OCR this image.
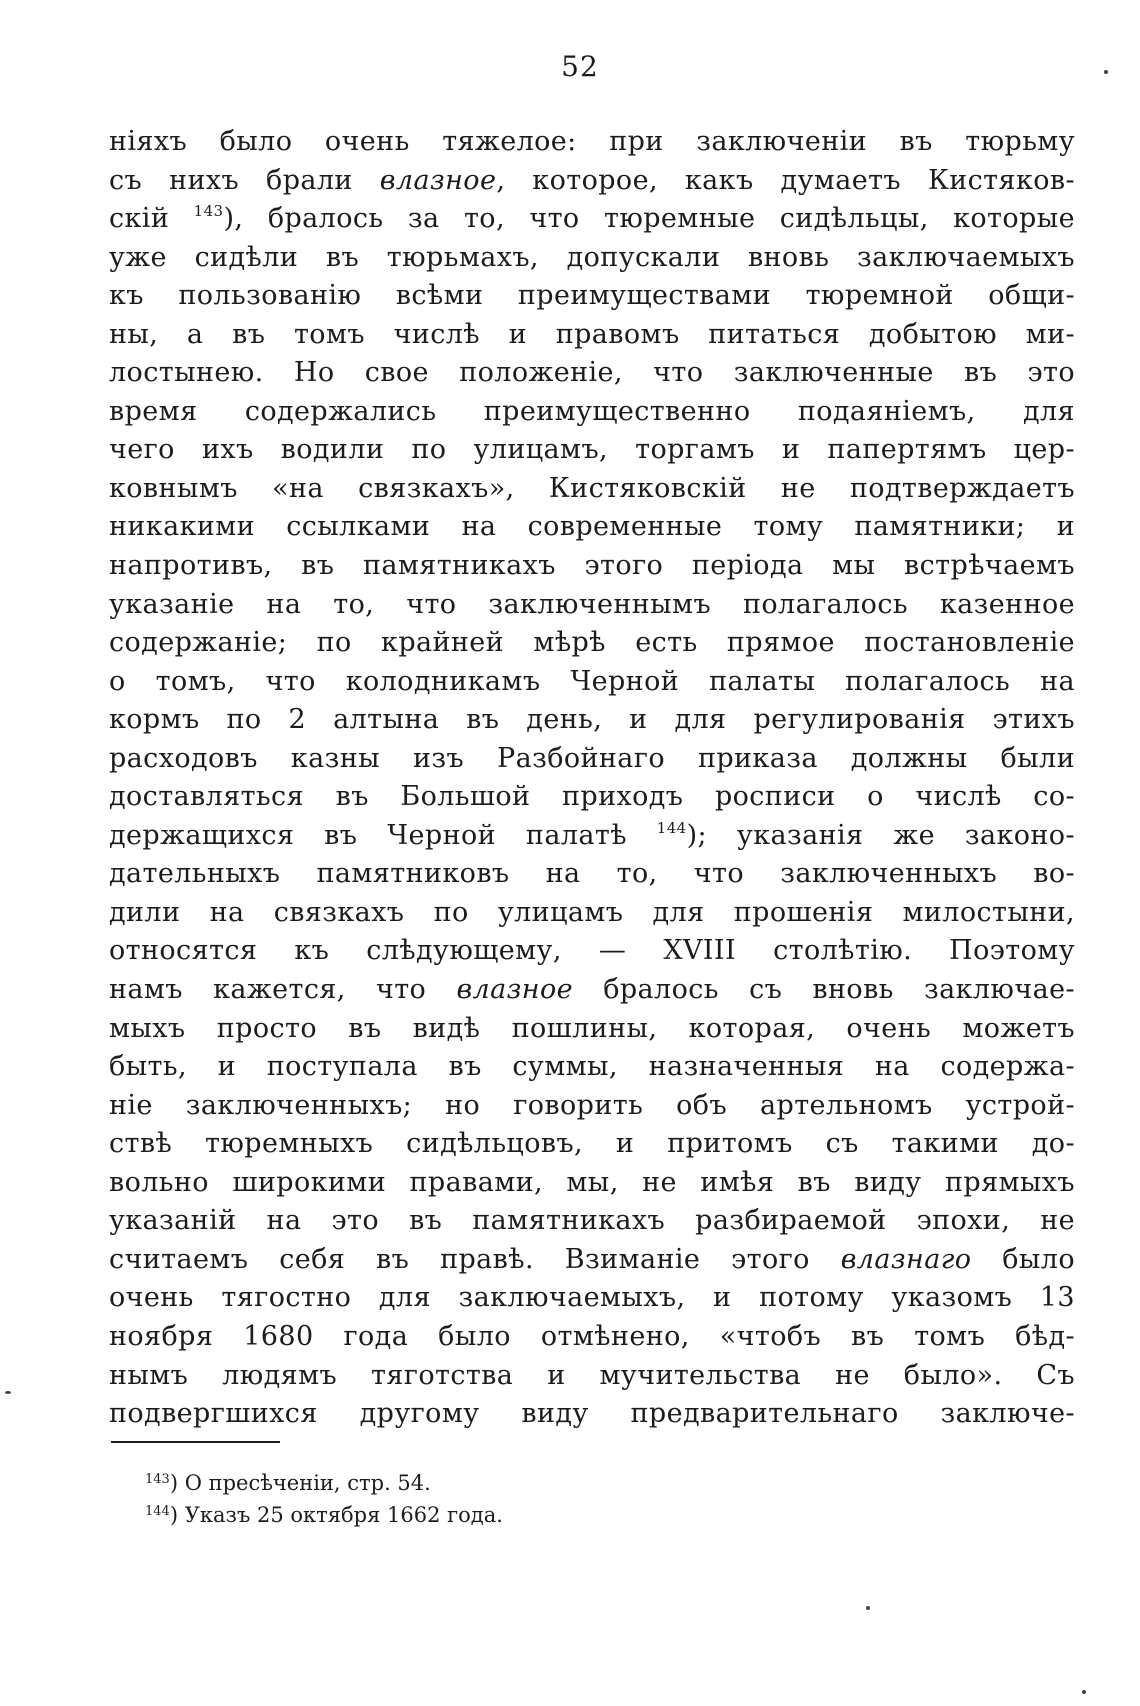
52
ніяхъ было очень тяжелое: при заключеніи въ тюрьму
съ нихъ брали влазное, которое, какъ думаетъ Кистяков-
скій $^{143}$), бралось за то, что тюремные сидѣльцы, которые
уже сидѣли въ тюрьмахъ, допускали вновь заключаемыхъ
къ пользованію всѣми преимуществами тюремной общи-
ны, а въ томъ числѣ и правомъ питаться добытою ми-
лостынею. Но свое положеніе, что заключенные въ это
время содержались преимущественно подаяніемъ, для
чего ихъ водили по улицамъ, торгамъ и папертямъ цер-
ковнымъ «на связкахъ», Кистяковскій не подтверждаетъ
никакими ссылками на современные тому памятники; и
напротивъ, въ памятникахъ этого періода мы встрѣчаемъ
указаніе на то, что заключеннымъ полагалось казенное
содержаніе; по крайней мѣрѣ есть прямое постановленіе
о томъ, что колодникамъ Черной палаты полагалось на
кормъ по 2 алтына въ день, и для регулированія этихъ
расходовъ казны изъ Разбойнаго приказа должны были
доставляться въ Большой приходъ росписи о числѣ со-
держащихся въ Черной палатѣ $^{144}$); указанія же законо-
дательныхъ памятниковъ на то, что заключенныхъ во-
дили на связкахъ по улицамъ для прошенія милостыни,
относятся къ слѣдующему, — XVIII столѣтію. Поэтому
намъ кажется, что влазное бралось съ вновь заключае-
мыхъ просто въ видѣ пошлины, которая, очень можетъ
быть, и поступала въ суммы, назначенныя на содержа-
ніе заключенныхъ; но говорить объ артельномъ устрой-
ствѣ тюремныхъ сидѣльцовъ, и притомъ съ такими до-
вольно широкими правами, мы, не имѣя въ виду прямыхъ
указаній на это въ памятникахъ разбираемой эпохи, не
считаемъ себя въ правѣ. Взиманіе этого влазнаго было
очень тягостно для заключаемыхъ, и потому указомъ 13
ноября 1680 года было отмѣнено, «чтобъ въ томъ бѣд-
нымъ людямъ тяготства и мучительства не было». Съ
подвергшихся другому виду предварительнаго заключе-
$^{143}$) О пресѣченіи, стр. 54.
$^{144}$) Указъ 25 октября 1662 года.
